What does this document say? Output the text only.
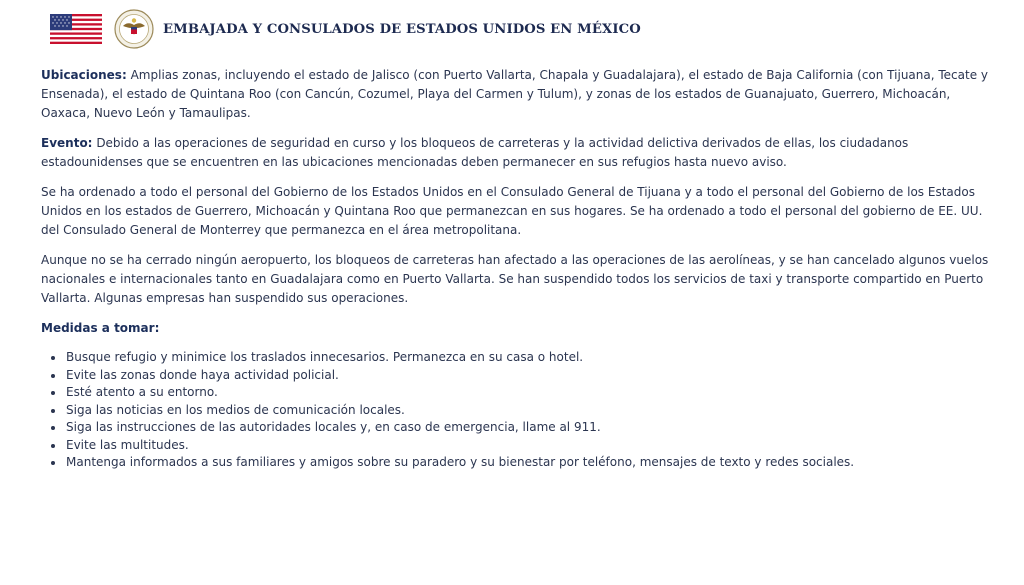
EMBAJADA Y CONSULADOS DE ESTADOS UNIDOS EN MÉXICO

Ubicaciones: Amplias zonas, incluyendo el estado de Jalisco (con Puerto Vallarta, Chapala y Guadalajara), el estado de Baja California (con Tijuana, Tecate y Ensenada), el estado de Quintana Roo (con Cancún, Cozumel, Playa del Carmen y Tulum), y zonas de los estados de Guanajuato, Guerrero, Michoacán, Oaxaca, Nuevo León y Tamaulipas.

Evento: Debido a las operaciones de seguridad en curso y los bloqueos de carreteras y la actividad delictiva derivados de ellas, los ciudadanos estadounidenses que se encuentren en las ubicaciones mencionadas deben permanecer en sus refugios hasta nuevo aviso.

Se ha ordenado a todo el personal del Gobierno de los Estados Unidos en el Consulado General de Tijuana y a todo el personal del Gobierno de los Estados Unidos en los estados de Guerrero, Michoacán y Quintana Roo que permanezcan en sus hogares. Se ha ordenado a todo el personal del gobierno de EE. UU. del Consulado General de Monterrey que permanezca en el área metropolitana.

Aunque no se ha cerrado ningún aeropuerto, los bloqueos de carreteras han afectado a las operaciones de las aerolíneas, y se han cancelado algunos vuelos nacionales e internacionales tanto en Guadalajara como en Puerto Vallarta. Se han suspendido todos los servicios de taxi y transporte compartido en Puerto Vallarta. Algunas empresas han suspendido sus operaciones.

Medidas a tomar:
• Busque refugio y minimice los traslados innecesarios. Permanezca en su casa o hotel.
• Evite las zonas donde haya actividad policial.
• Esté atento a su entorno.
• Siga las noticias en los medios de comunicación locales.
• Siga las instrucciones de las autoridades locales y, en caso de emergencia, llame al 911.
• Evite las multitudes.
• Mantenga informados a sus familiares y amigos sobre su paradero y su bienestar por teléfono, mensajes de texto y redes sociales.
